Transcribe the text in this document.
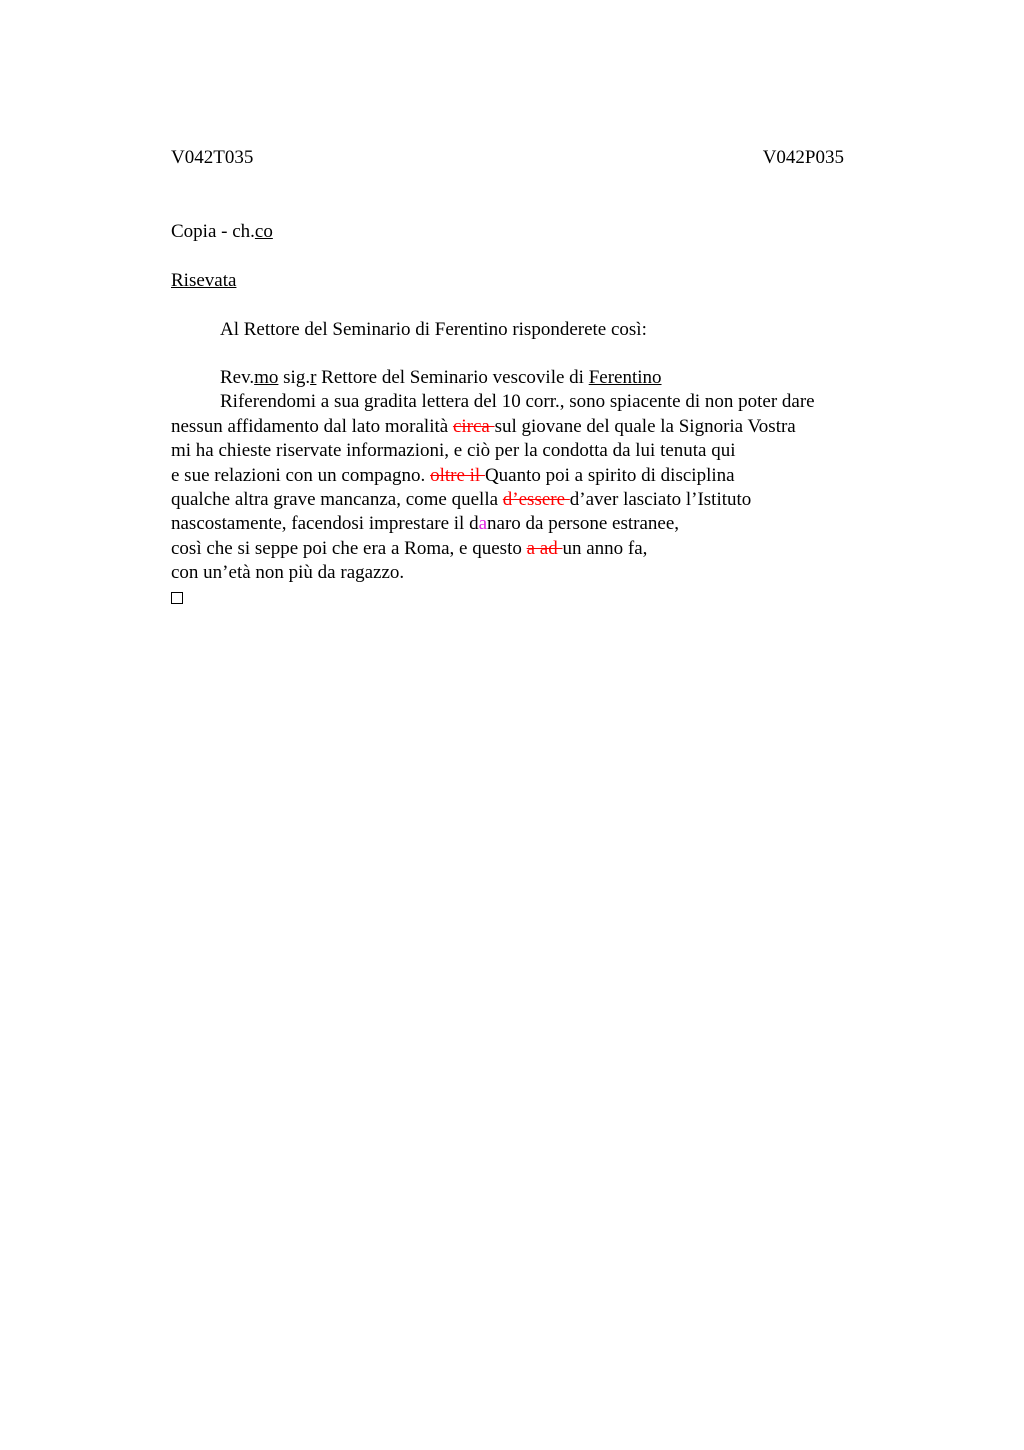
V042T035	V042P035
Copia - ch.co
Risevata
Al Rettore del Seminario di Ferentino risponderete così:
Rev.mo sig.r Rettore del Seminario vescovile di Ferentino
Riferendomi a sua gradita lettera del 10 corr., sono spiacente di non poter dare
nessun affidamento dal lato moralità circa sul giovane del quale la Signoria Vostra
mi ha chieste riservate informazioni, e ciò per la condotta da lui tenuta qui
e sue relazioni con un compagno. oltre il Quanto poi a spirito di disciplina
qualche altra grave mancanza, come quella d’essere d’aver lasciato l’Istituto
nascostamente, facendosi imprestare il danaro da persone estranee,
così che si seppe poi che era a Roma, e questo a ad un anno fa,
con un’età non più da ragazzo.
